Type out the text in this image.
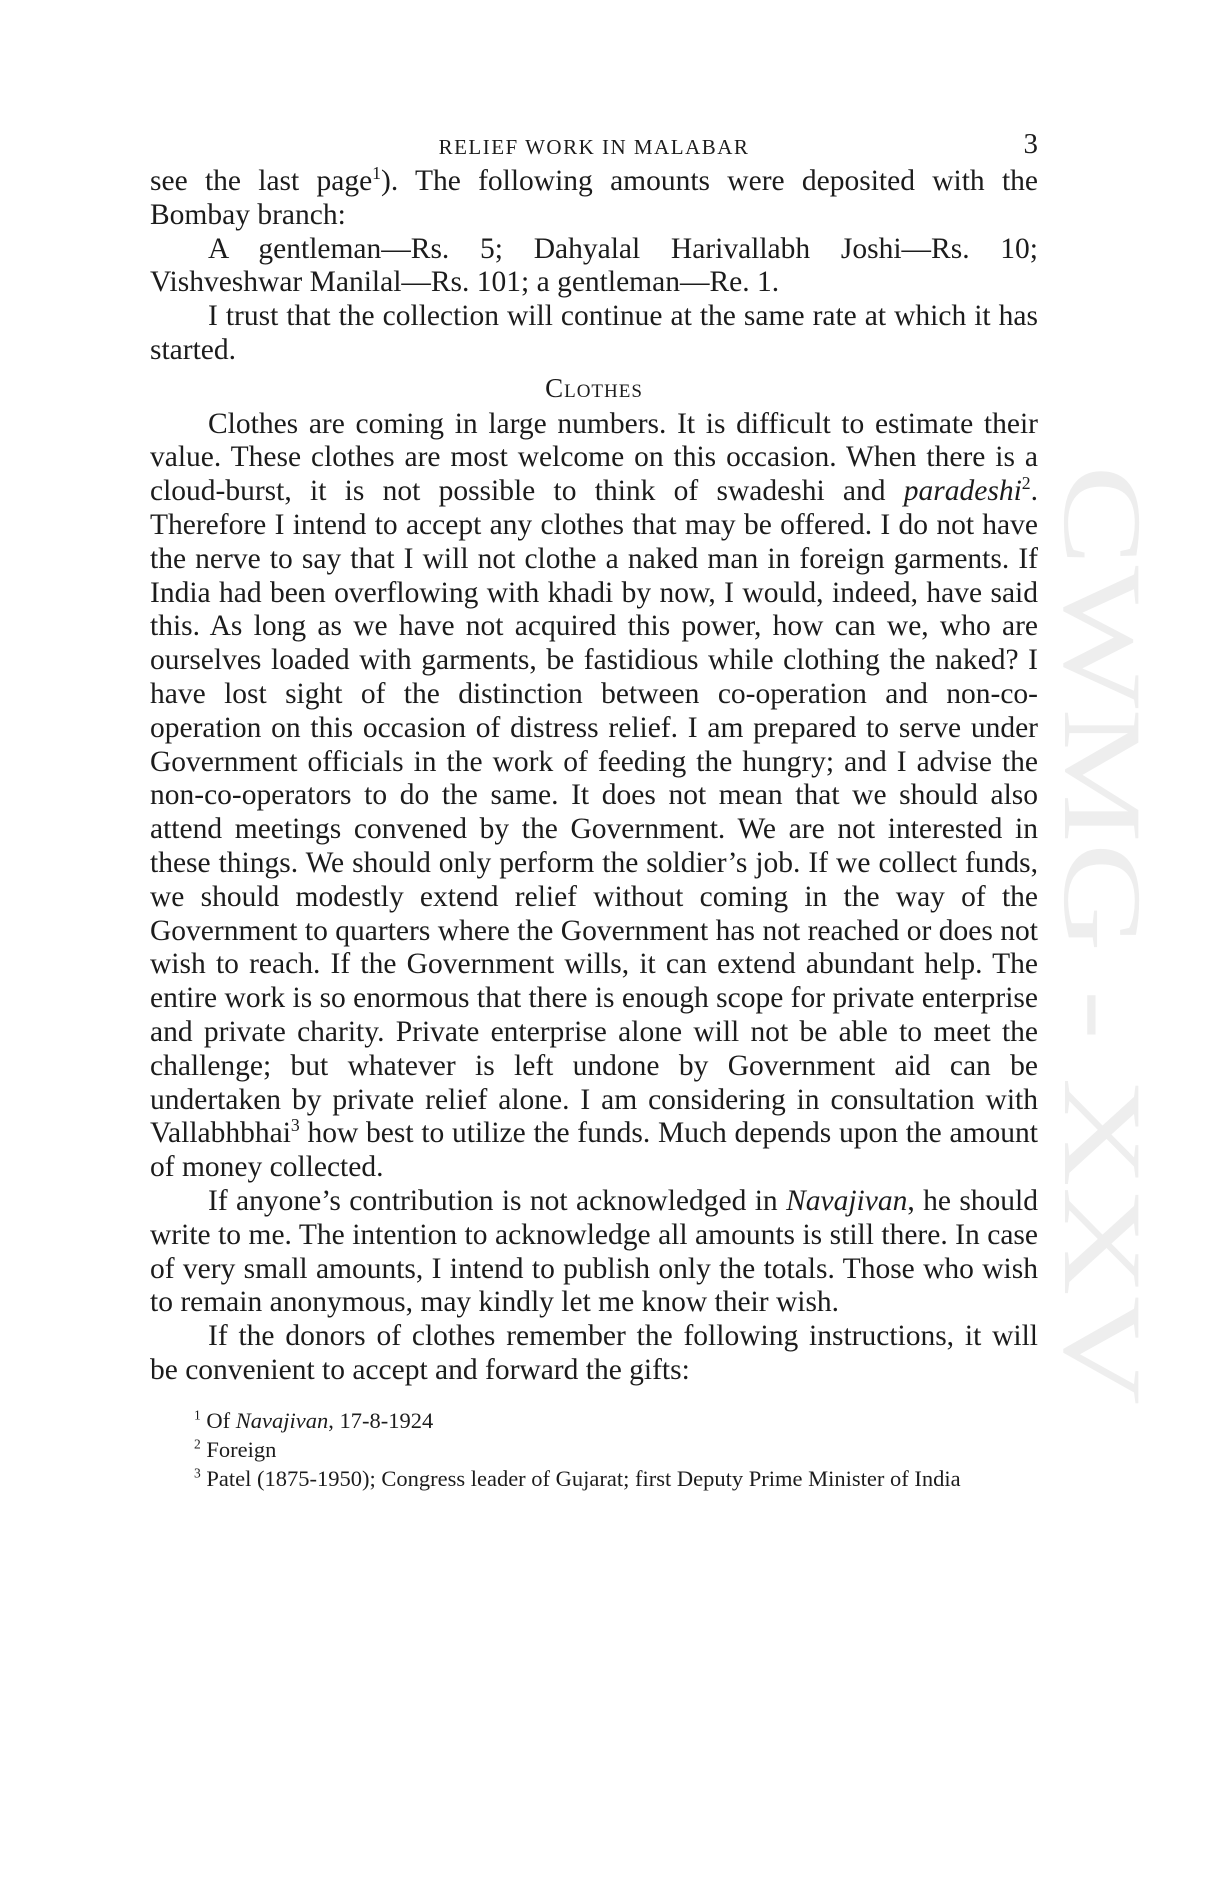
RELIEF WORK IN MALABAR	3

see the last page$^1$). The following amounts were deposited with the Bombay branch:

A gentleman—Rs. 5; Dahyalal Harivallabh Joshi—Rs. 10; Vishveshwar Manilal—Rs. 101; a gentleman—Re. 1.

I trust that the collection will continue at the same rate at which it has started.

Clothes

Clothes are coming in large numbers. It is difficult to estimate their value. These clothes are most welcome on this occasion. When there is a cloud-burst, it is not possible to think of swadeshi and paradeshi$^2$. Therefore I intend to accept any clothes that may be offered. I do not have the nerve to say that I will not clothe a naked man in foreign garments. If India had been overflowing with khadi by now, I would, indeed, have said this. As long as we have not acquired this power, how can we, who are ourselves loaded with garments, be fastidious while clothing the naked? I have lost sight of the distinction between co-operation and non-co-operation on this occasion of distress relief. I am prepared to serve under Government officials in the work of feeding the hungry; and I advise the non-co-operators to do the same. It does not mean that we should also attend meetings convened by the Government. We are not interested in these things. We should only perform the soldier’s job. If we collect funds, we should modestly extend relief without coming in the way of the Government to quarters where the Government has not reached or does not wish to reach. If the Government wills, it can extend abundant help. The entire work is so enormous that there is enough scope for private enterprise and private charity. Private enterprise alone will not be able to meet the challenge; but whatever is left undone by Government aid can be undertaken by private relief alone. I am considering in consultation with Vallabhbhai$^3$ how best to utilize the funds. Much depends upon the amount of money collected.

If anyone’s contribution is not acknowledged in Navajivan, he should write to me. The intention to acknowledge all amounts is still there. In case of very small amounts, I intend to publish only the totals. Those who wish to remain anonymous, may kindly let me know their wish.

If the donors of clothes remember the following instructions, it will be convenient to accept and forward the gifts:

$^1$ Of Navajivan, 17-8-1924

$^2$ Foreign

$^3$ Patel (1875-1950); Congress leader of Gujarat; first Deputy Prime Minister of India

CWMG - XXV
